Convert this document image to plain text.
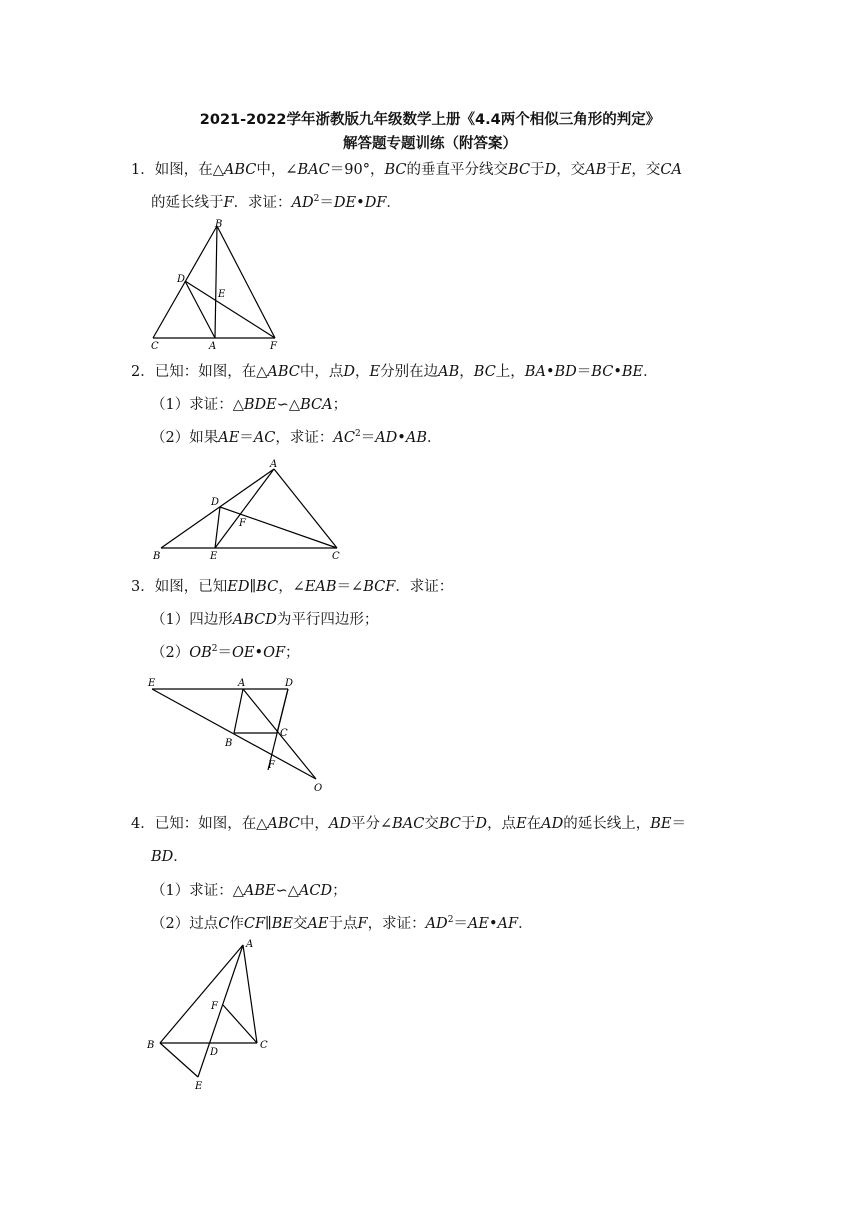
2021-2022学年浙教版九年级数学上册《4.4两个相似三角形的判定》
解答题专题训练（附答案）
1．如图，在△ABC中，∠BAC＝90°，BC的垂直平分线交BC于D，交AB于E，交CA
的延长线于F．求证：$AD^2=DE•DF$．
B
D
E
C	A	F
2．已知：如图，在△ABC中，点D，E分别在边AB，BC上，BA•BD＝BC•BE．
（1）求证：△BDE∽△BCA；
（2）如果AE＝AC，求证：$AC^2=AD•AB$．
A
D
F
B	E	C
3．如图，已知ED∥BC，∠EAB＝∠BCF．求证：
（1）四边形ABCD为平行四边形；
$(2)OB^2=OE•OF$；
E	A	D
B
C
F
O
4．已知：如图，在△ABC中，AD平分∠BAC交BC于D，点E在AD的延长线上，BE＝
BD．
（1）求证：△ABE∽△ACD；
（2）过点C作CF∥BE交AE于点F，求证：$AD^2=AE•AF$．
A
F
B
D
C
E
